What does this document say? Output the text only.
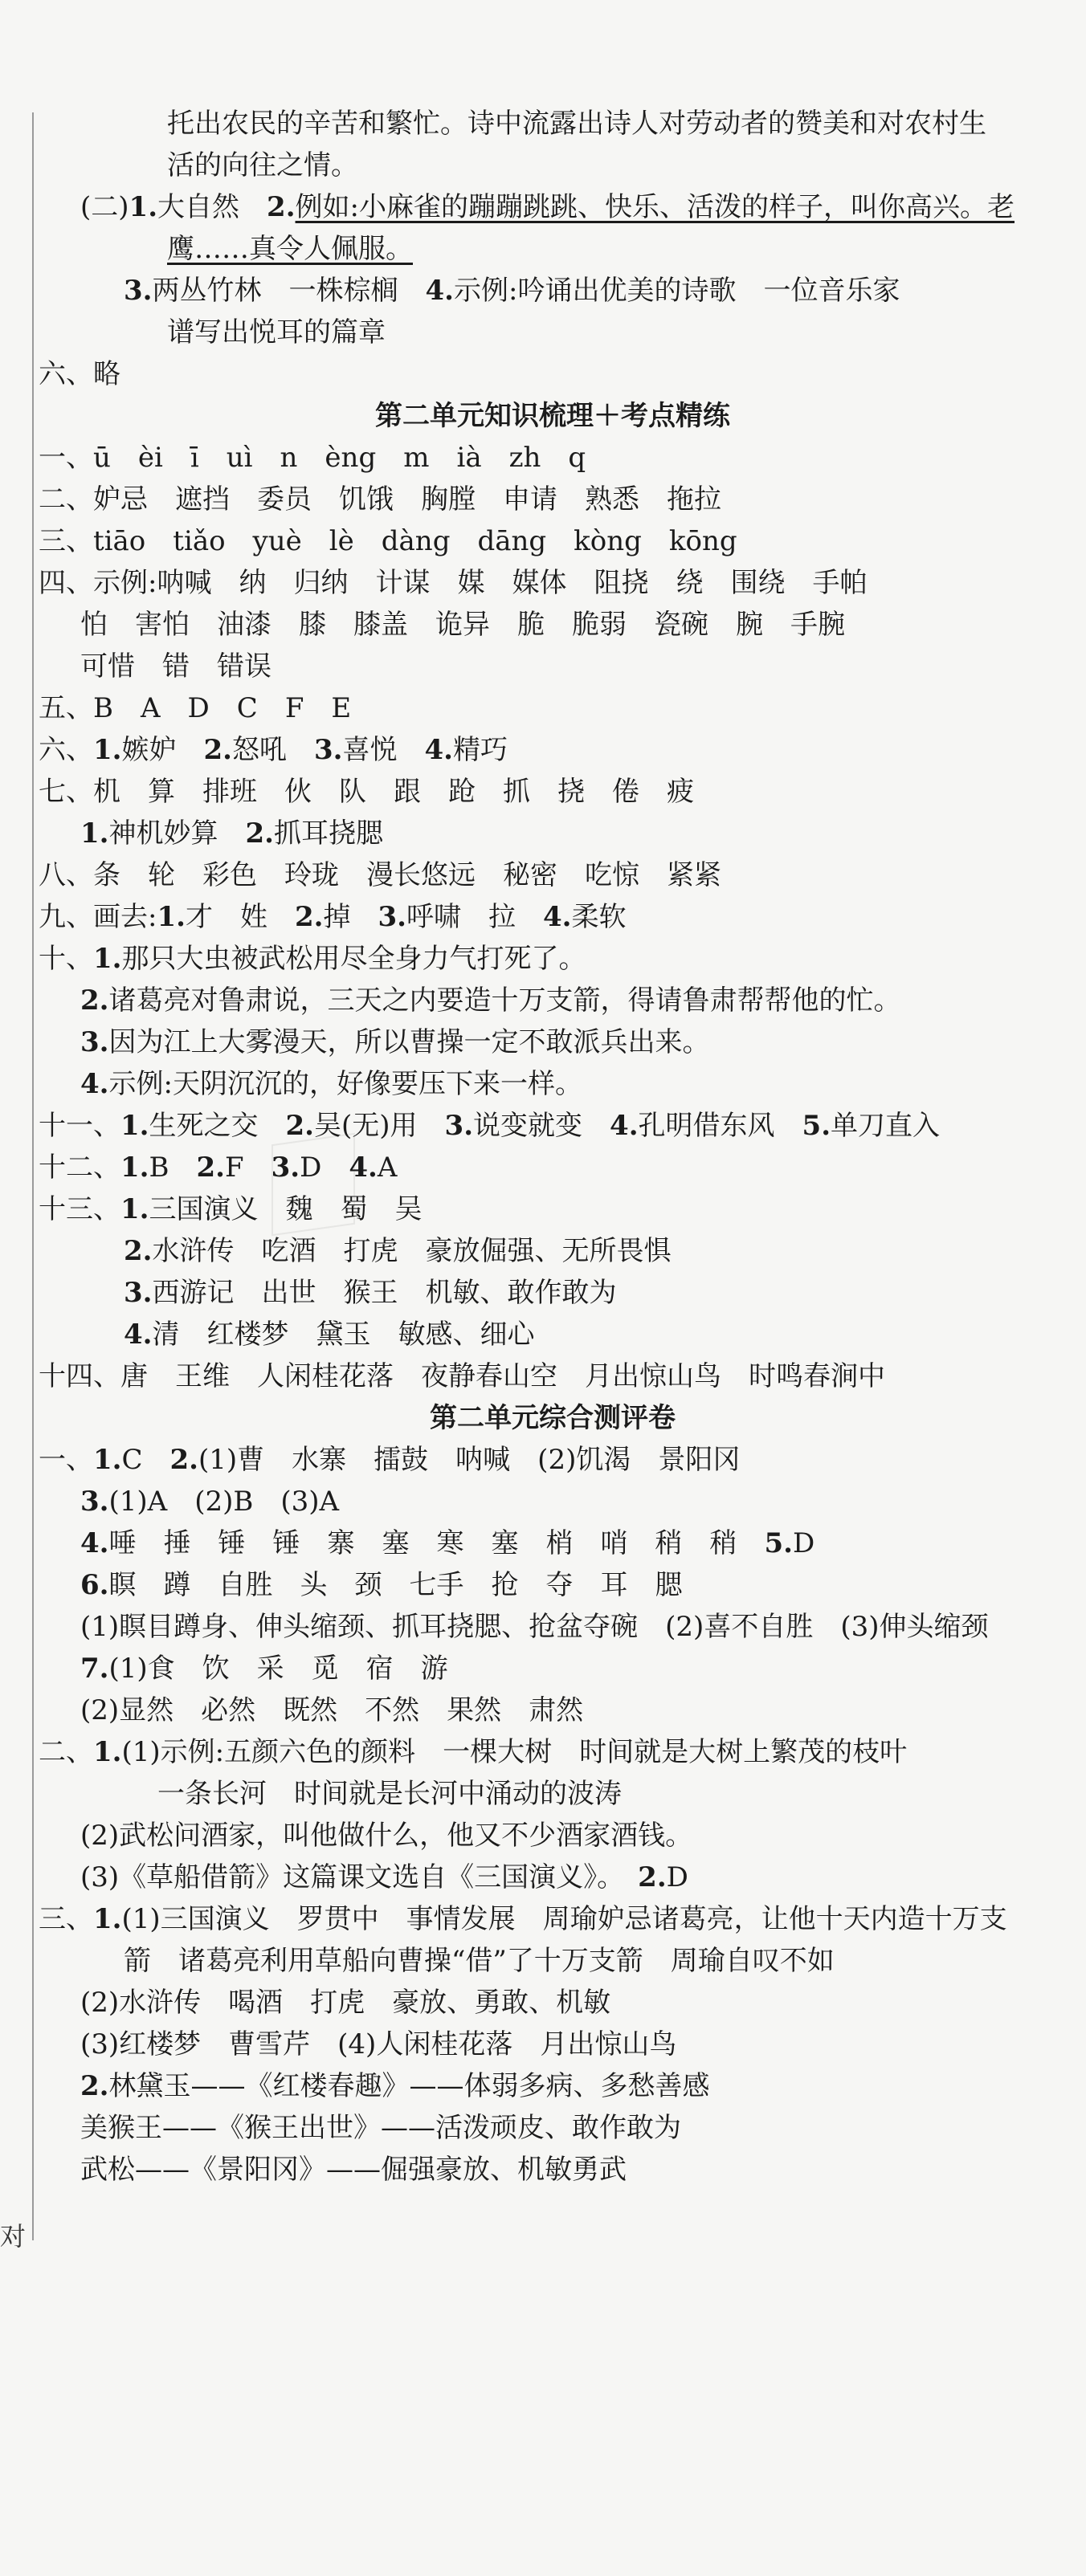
对
托出农民的辛苦和繁忙。诗中流露出诗人对劳动者的赞美和对农村生
活的向往之情。
(二)1.大自然　2.例如:小麻雀的蹦蹦跳跳、快乐、活泼的样子，叫你高兴。老
鹰……真令人佩服。
3.两丛竹林　一株棕榈　4.示例:吟诵出优美的诗歌　一位音乐家
谱写出悦耳的篇章
六、略
第二单元知识梳理＋考点精练
一、ū　èi　ī　uì　n　èng　m　ià　zh　q
二、妒忌　遮挡　委员　饥饿　胸膛　申请　熟悉　拖拉
三、tiāo　tiǎo　yuè　lè　dàng　dāng　kòng　kōng
四、示例:呐喊　纳　归纳　计谋　媒　媒体　阻挠　绕　围绕　手帕
怕　害怕　油漆　膝　膝盖　诡异　脆　脆弱　瓷碗　腕　手腕
可惜　错　错误
五、B　A　D　C　F　E
六、1.嫉妒　2.怒吼　3.喜悦　4.精巧
七、机　算　排班　伙　队　跟　跄　抓　挠　倦　疲
1.神机妙算　2.抓耳挠腮
八、条　轮　彩色　玲珑　漫长悠远　秘密　吃惊　紧紧
九、画去:1.才　姓　2.掉　3.呼啸　拉　4.柔软
十、1.那只大虫被武松用尽全身力气打死了。
2.诸葛亮对鲁肃说，三天之内要造十万支箭，得请鲁肃帮帮他的忙。
3.因为江上大雾漫天，所以曹操一定不敢派兵出来。
4.示例:天阴沉沉的，好像要压下来一样。
十一、1.生死之交　2.吴(无)用　3.说变就变　4.孔明借东风　5.单刀直入
十二、1.B　2.F　3.D　4.A
十三、1.三国演义　魏　蜀　吴
2.水浒传　吃酒　打虎　豪放倔强、无所畏惧
3.西游记　出世　猴王　机敏、敢作敢为
4.清　红楼梦　黛玉　敏感、细心
十四、唐　王维　人闲桂花落　夜静春山空　月出惊山鸟　时鸣春涧中
第二单元综合测评卷
一、1.C　2.(1)曹　水寨　擂鼓　呐喊　(2)饥渴　景阳冈
3.(1)A　(2)B　(3)A
4.唾　捶　锤　锤　寨　塞　寒　塞　梢　哨　稍　稍　5.D
6.瞑　蹲　自胜　头　颈　七手　抢　夺　耳　腮
(1)瞑目蹲身、伸头缩颈、抓耳挠腮、抢盆夺碗　(2)喜不自胜　(3)伸头缩颈
7.(1)食　饮　采　觅　宿　游
(2)显然　必然　既然　不然　果然　肃然
二、1.(1)示例:五颜六色的颜料　一棵大树　时间就是大树上繁茂的枝叶
　一条长河　时间就是长河中涌动的波涛
(2)武松问酒家，叫他做什么，他又不少酒家酒钱。
(3)《草船借箭》这篇课文选自《三国演义》。　2.D
三、1.(1)三国演义　罗贯中　事情发展　周瑜妒忌诸葛亮，让他十天内造十万支
箭　诸葛亮利用草船向曹操“借”了十万支箭　周瑜自叹不如
(2)水浒传　喝酒　打虎　豪放、勇敢、机敏
(3)红楼梦　曹雪芹　(4)人闲桂花落　月出惊山鸟
2.林黛玉——《红楼春趣》——体弱多病、多愁善感
美猴王——《猴王出世》——活泼顽皮、敢作敢为
武松——《景阳冈》——倔强豪放、机敏勇武
